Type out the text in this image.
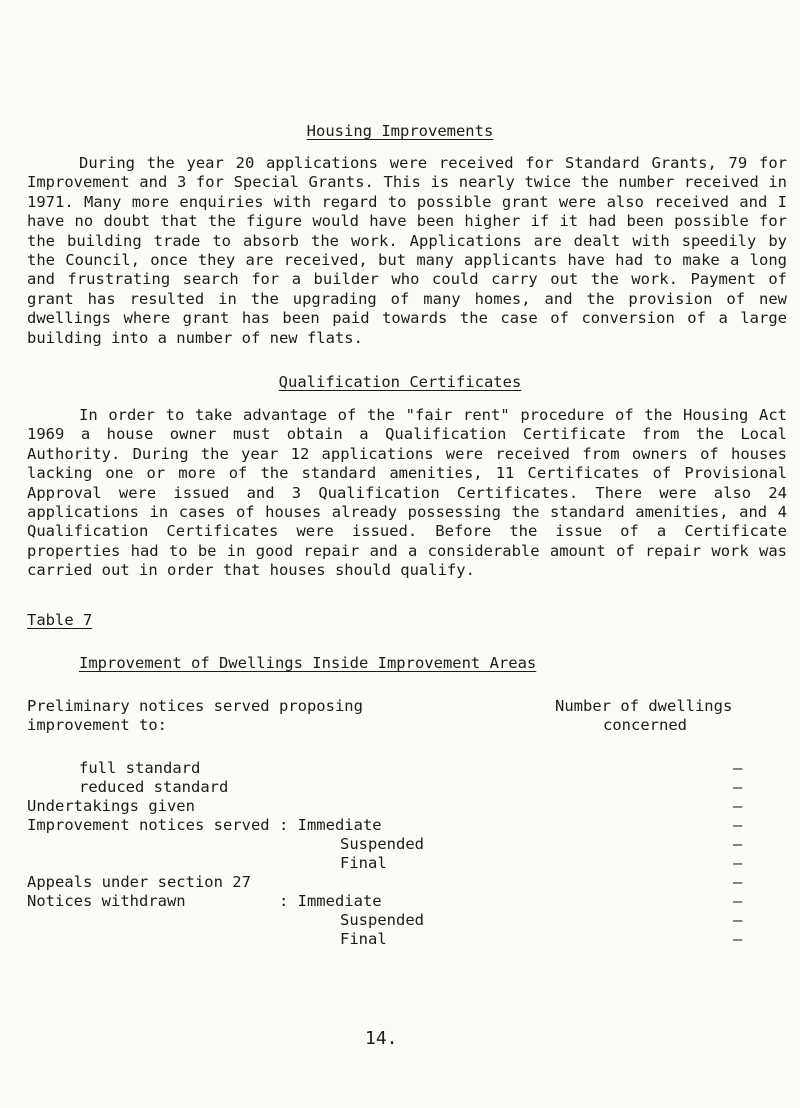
Housing Improvements
During the year 20 applications were received for Standard Grants, 79 for Improvement and 3 for Special Grants. This is nearly twice the number received in 1971. Many more enquiries with regard to possible grant were also received and I have no doubt that the figure would have been higher if it had been possible for the building trade to absorb the work. Applications are dealt with speedily by the Council, once they are received, but many applicants have had to make a long and frustrating search for a builder who could carry out the work. Payment of grant has resulted in the upgrading of many homes, and the provision of new dwellings where grant has been paid towards the case of conversion of a large building into a number of new flats.
Qualification Certificates
In order to take advantage of the "fair rent" procedure of the Housing Act 1969 a house owner must obtain a Qualification Certificate from the Local Authority. During the year 12 applications were received from owners of houses lacking one or more of the standard amenities, 11 Certificates of Provisional Approval were issued and 3 Qualification Certificates. There were also 24 applications in cases of houses already possessing the standard amenities, and 4 Qualification Certificates were issued. Before the issue of a Certificate properties had to be in good repair and a considerable amount of repair work was carried out in order that houses should qualify.
Table 7
Improvement of Dwellings Inside Improvement Areas
Preliminary notices served proposing
improvement to:
Number of dwellings
concerned
full standard
reduced standard
Undertakings given
Improvement notices served : Immediate
Suspended
Final
Appeals under section 27
Notices withdrawn          : Immediate
Suspended
Final
–
–
–
–
–
–
–
–
–
–
14.
